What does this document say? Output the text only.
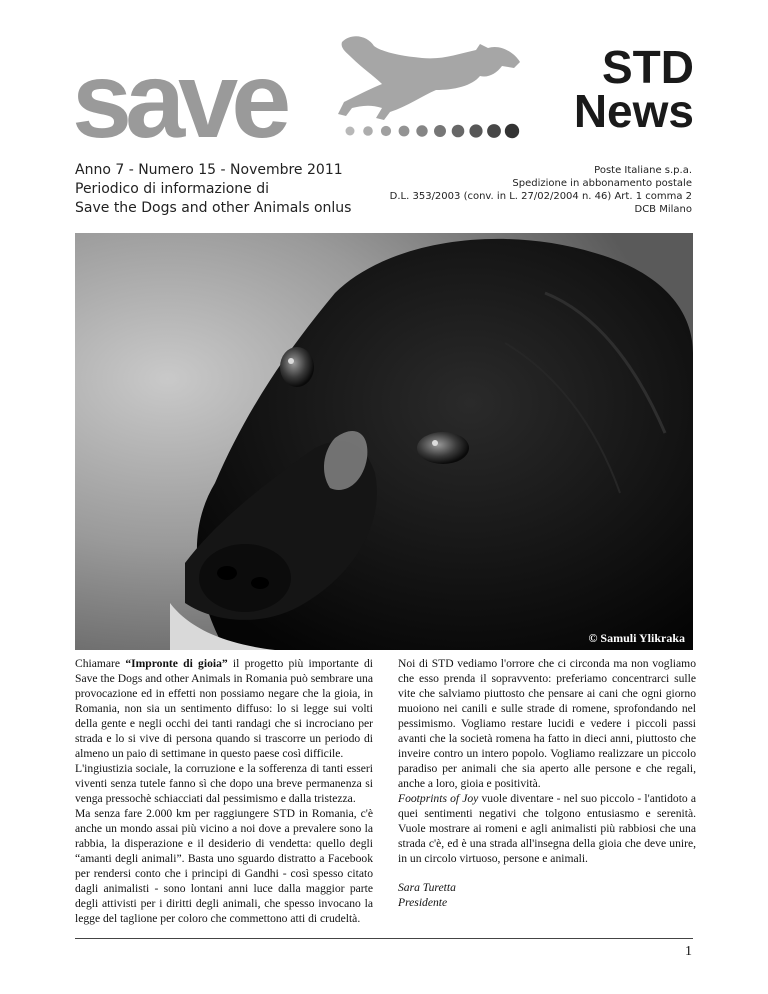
save	STD
News
Anno 7 - Numero 15 - Novembre 2011
Periodico di informazione di
Save the Dogs and other Animals onlus
Poste Italiane s.p.a.
Spedizione in abbonamento postale
D.L. 353/2003 (conv. in L. 27/02/2004 n. 46) Art. 1 comma 2
DCB Milano
© Samuli Ylikraka

Chiamare “Impronte di gioia” il progetto più importante di Save the Dogs and other Animals in Romania può sembrare una provocazione ed in effetti non possiamo negare che la gioia, in Romania, non sia un sentimento diffuso: lo si legge sui volti della gente e negli occhi dei tanti randagi che si incrociano per strada e lo si vive di persona quando si trascorre un periodo di almeno un paio di settimane in questo paese così difficile.

L'ingiustizia sociale, la corruzione e la sofferenza di tanti esseri viventi senza tutele fanno sì che dopo una breve permanenza si venga pressochè schiacciati dal pessimismo e dalla tristezza.

Ma senza fare 2.000 km per raggiungere STD in Romania, c'è anche un mondo assai più vicino a noi dove a prevalere sono la rabbia, la disperazione e il desiderio di vendetta: quello degli “amanti degli animali”. Basta uno sguardo distratto a Facebook per rendersi conto che i principi di Gandhi - così spesso citato dagli animalisti - sono lontani anni luce dalla maggior parte degli attivisti per i diritti degli animali, che spesso invocano la legge del taglione per coloro che commettono atti di crudeltà.

Noi di STD vediamo l'orrore che ci circonda ma non vogliamo che esso prenda il sopravvento: preferiamo concentrarci sulle vite che salviamo piuttosto che pensare ai cani che ogni giorno muoiono nei canili e sulle strade di romene, sprofondando nel pessimismo. Vogliamo restare lucidi e vedere i piccoli passi avanti che la società romena ha fatto in dieci anni, piuttosto che inveire contro un intero popolo. Vogliamo realizzare un piccolo paradiso per animali che sia aperto alle persone e che regali, anche a loro, gioia e positività.

Footprints of Joy vuole diventare - nel suo piccolo - l'antidoto a quei sentimenti negativi che tolgono entusiasmo e serenità. Vuole mostrare ai romeni e agli animalisti più rabbiosi che una strada c'è, ed è una strada all'insegna della gioia che deve unire, in un circolo virtuoso, persone e animali.

Sara Turetta
Presidente

1
